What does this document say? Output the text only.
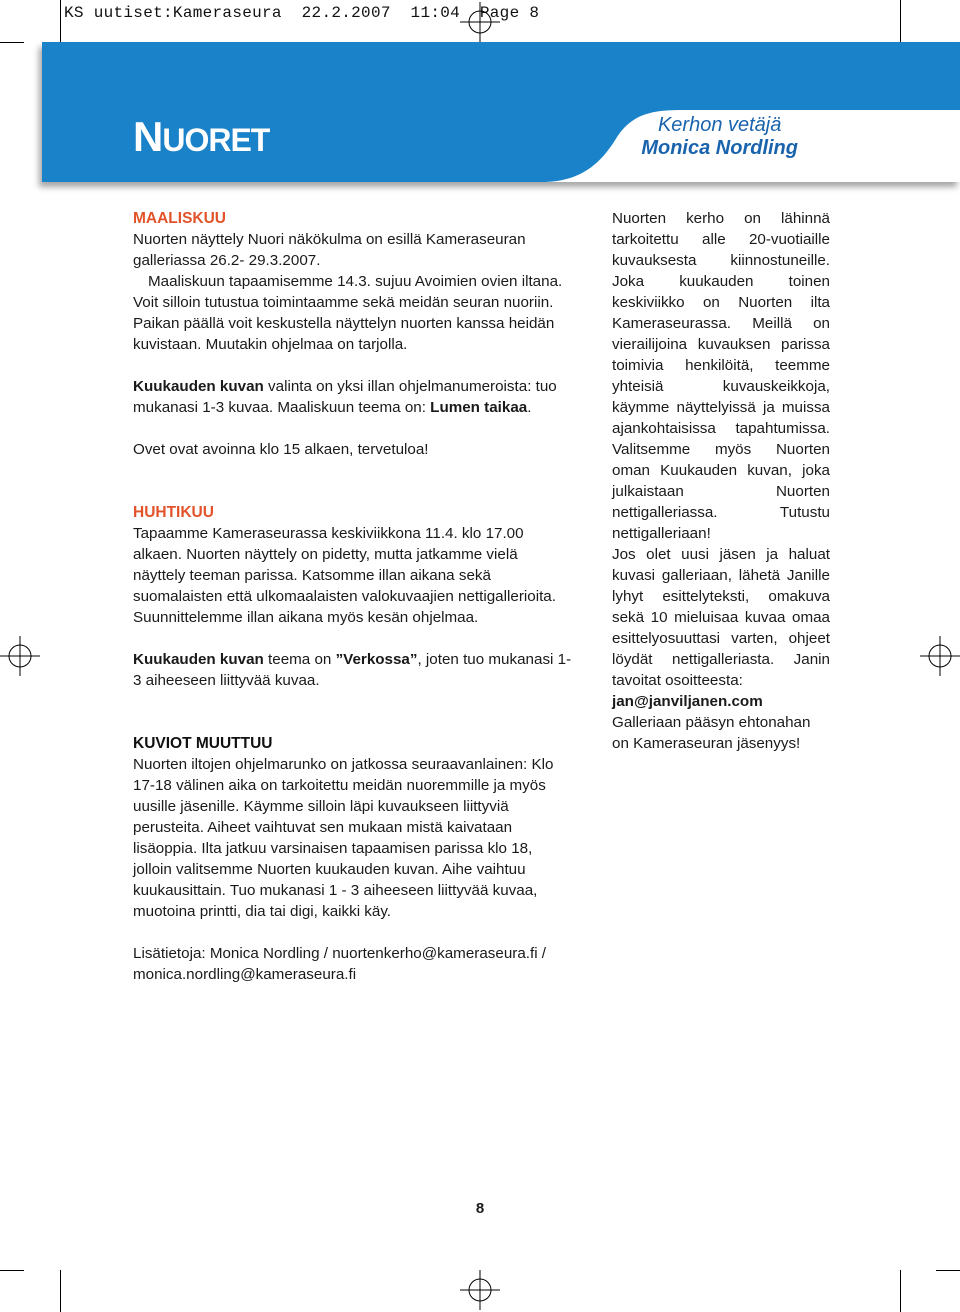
KS uutiset:Kameraseura  22.2.2007  11:04  Page 8
NUORET	Kerhon vetäjä
Monica Nordling

MAALISKUU

Nuorten näyttely Nuori näkökulma on esillä Kameraseuran galleriassa 26.2- 29.3.2007.

Maaliskuun tapaamisemme 14.3. sujuu Avoimien ovien iltana. Voit silloin tutustua toimintaamme sekä meidän seuran nuoriin. Paikan päällä voit keskustella näyttelyn nuorten kanssa heidän kuvistaan. Muutakin ohjelmaa on tarjolla.

Kuukauden kuvan valinta on yksi illan ohjelmanumeroista: tuo mukanasi 1-3 kuvaa. Maaliskuun teema on: Lumen taikaa.

Ovet ovat avoinna klo 15 alkaen, tervetuloa!

HUHTIKUU

Tapaamme Kameraseurassa keskiviikkona 11.4. klo 17.00 alkaen. Nuorten näyttely on pidetty, mutta jatkamme vielä näyttely teeman parissa. Katsomme illan aikana sekä suomalaisten että ulkomaalaisten valokuvaajien nettigallerioita. Suunnittelemme illan aikana myös kesän ohjelmaa.

Kuukauden kuvan teema on ”Verkossa”, joten tuo mukanasi 1-3 aiheeseen liittyvää kuvaa.

KUVIOT MUUTTUU

Nuorten iltojen ohjelmarunko on jatkossa seuraavanlainen: Klo 17-18 välinen aika on tarkoitettu meidän nuoremmille ja myös uusille jäsenille. Käymme silloin läpi kuvaukseen liittyviä perusteita. Aiheet vaihtuvat sen mukaan mistä kaivataan lisäoppia. Ilta jatkuu varsinaisen tapaamisen parissa klo 18, jolloin valitsemme Nuorten kuukauden kuvan. Aihe vaihtuu kuukausittain. Tuo mukanasi 1 - 3 aiheeseen liittyvää kuvaa, muotoina printti, dia tai digi, kaikki käy.

Lisätietoja: Monica Nordling / nuortenkerho@kameraseura.fi / monica.nordling@kameraseura.fi

Nuorten kerho on lähinnä tarkoitettu alle 20-vuotiaille kuvauksesta kiinnostuneille. Joka kuukauden toinen keskiviikko on Nuorten ilta Kameraseurassa. Meillä on vierailijoina kuvauksen parissa toimivia henkilöitä, teemme yhteisiä kuvauskeikkoja, käymme näyttelyissä ja muissa ajankohtaisissa tapahtumissa. Valitsemme myös Nuorten oman Kuukauden kuvan, joka julkaistaan Nuorten nettigalleriassa. Tutustu nettigalleriaan!

Jos olet uusi jäsen ja haluat kuvasi galleriaan, lähetä Janille lyhyt esittelyteksti, omakuva sekä 10 mieluisaa kuvaa omaa esittelyosuuttasi varten, ohjeet löydät nettigalleriasta. Janin tavoitat osoitteesta:

jan@janviljanen.com

Galleriaan pääsyn ehtonahan on Kameraseuran jäsenyys!

8
